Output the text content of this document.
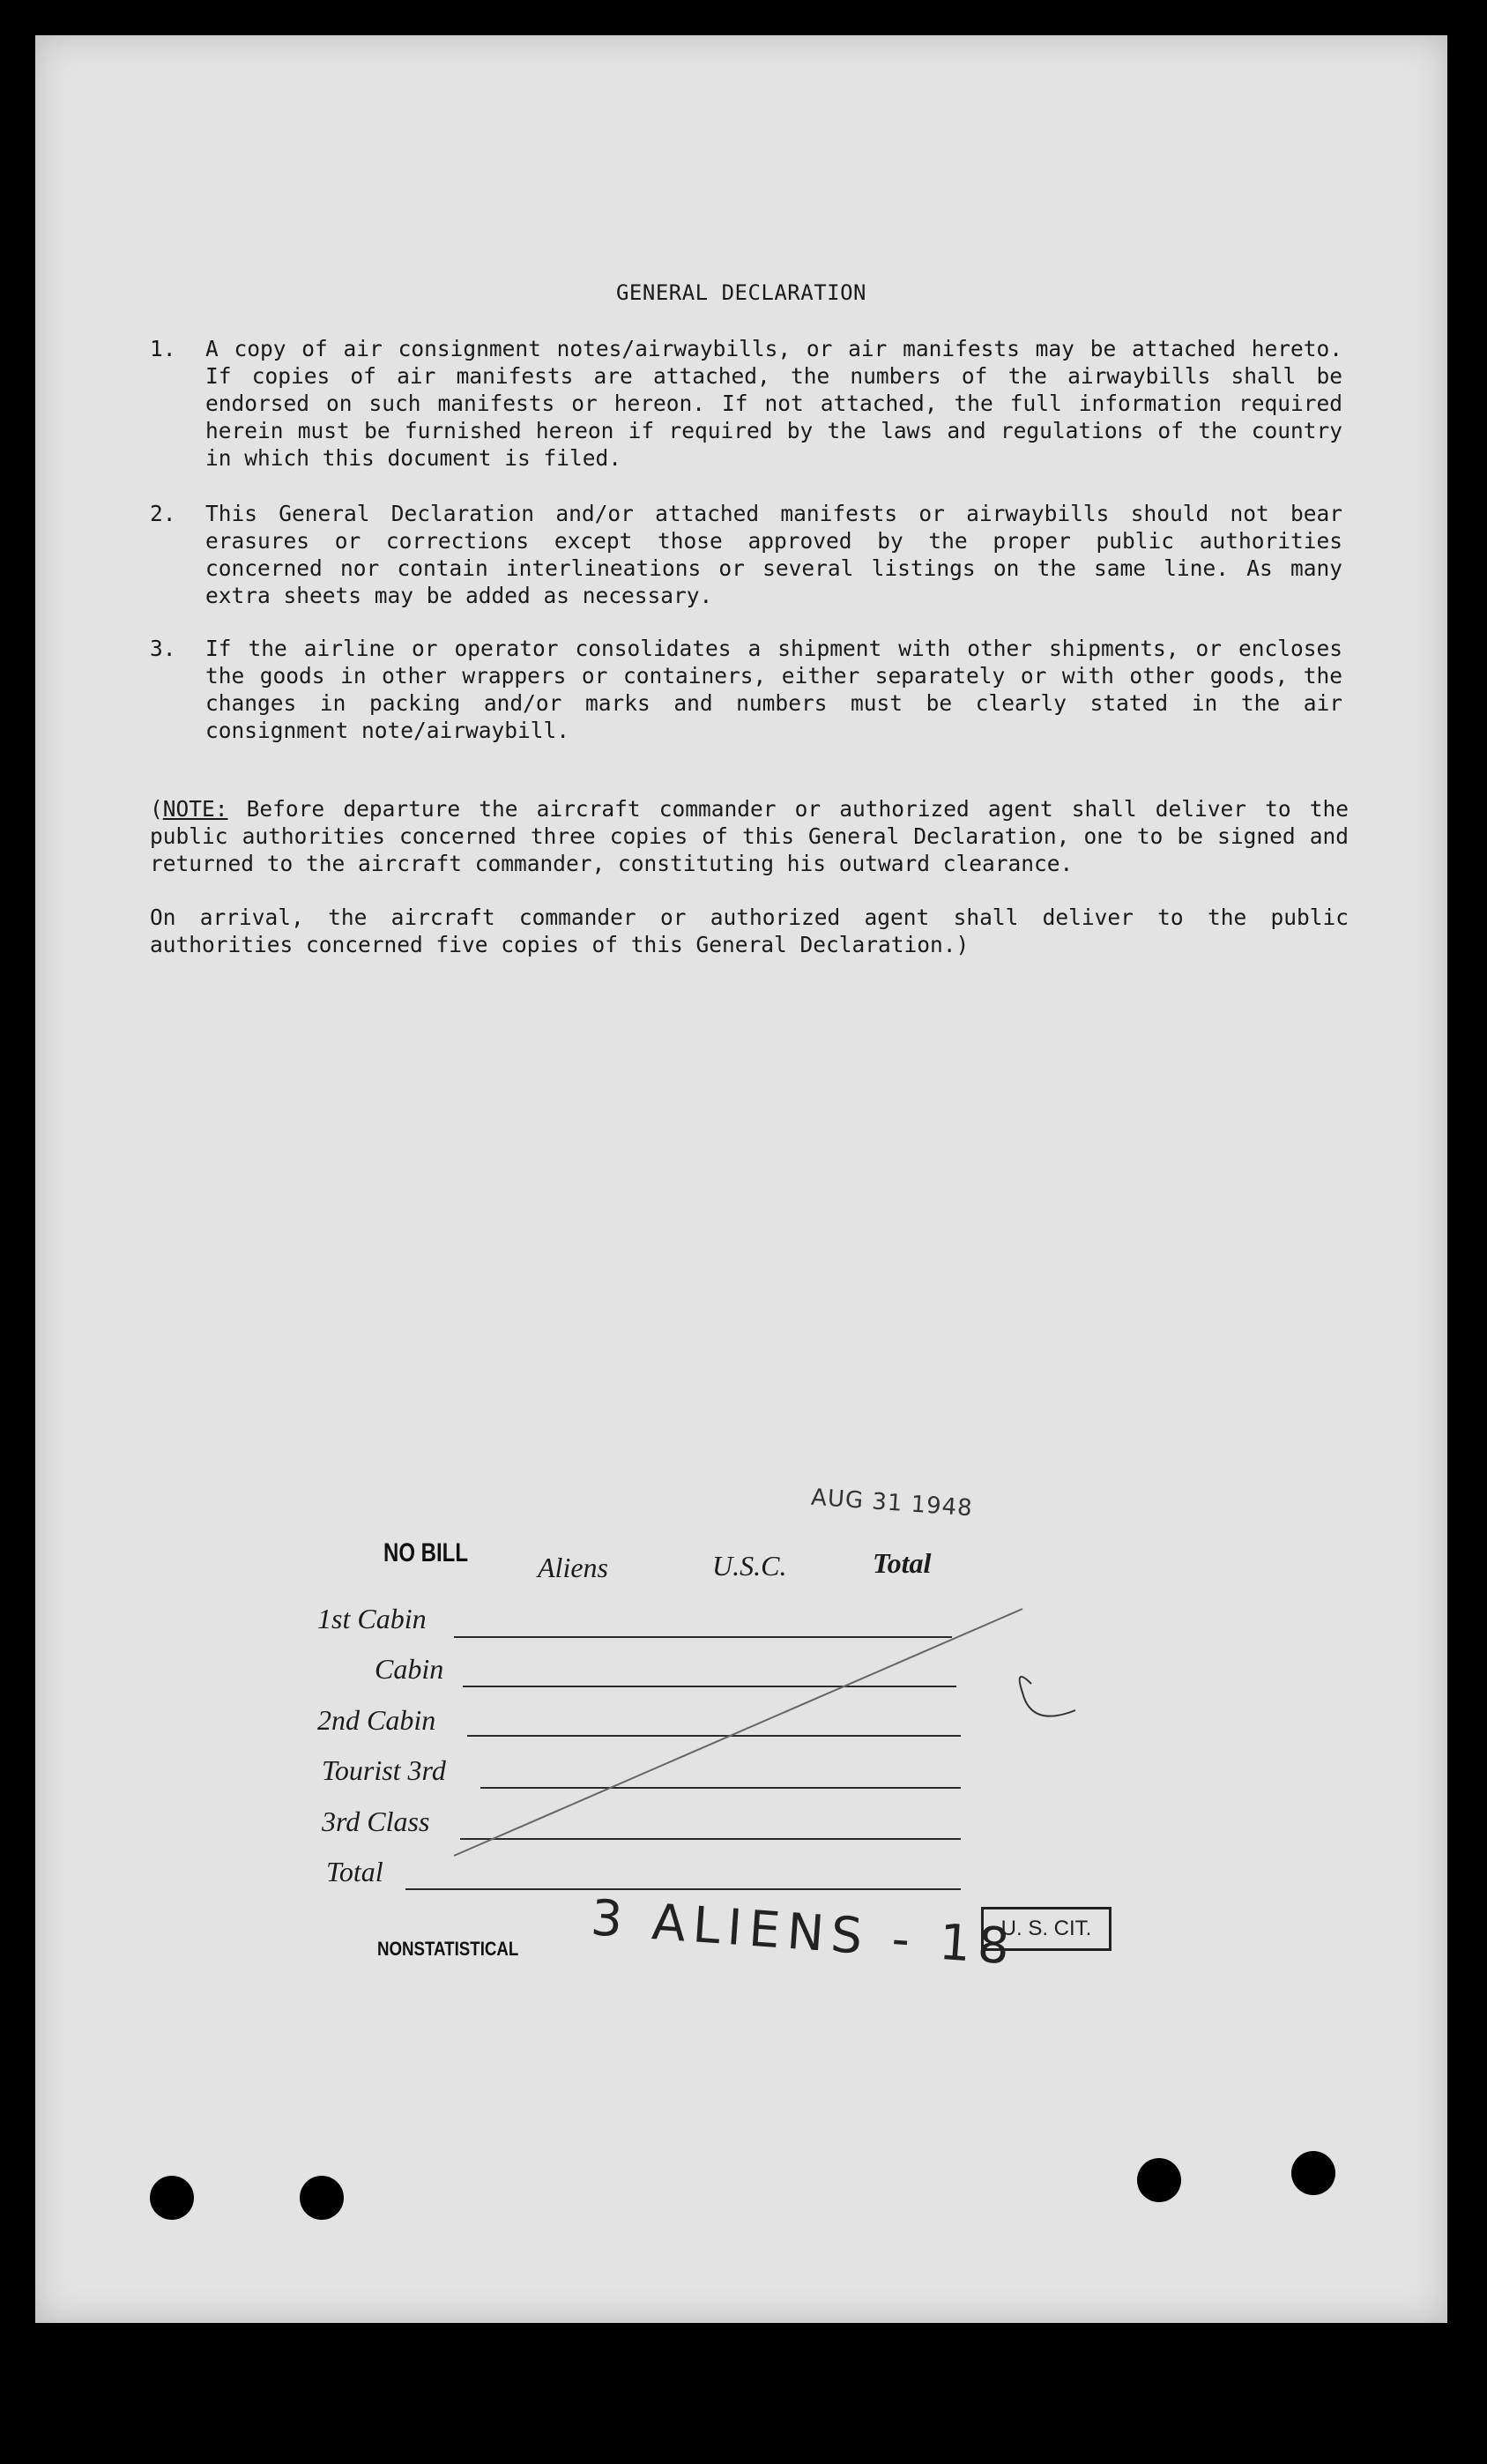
GENERAL DECLARATION
1. A copy of air consignment notes/airwaybills, or air manifests may be attached hereto. If copies of air manifests are attached, the numbers of the airwaybills shall be endorsed on such manifests or hereon. If not attached, the full information required herein must be furnished hereon if required by the laws and regulations of the country in which this document is filed.
2. This General Declaration and/or attached manifests or airwaybills should not bear erasures or corrections except those approved by the proper public authorities concerned nor contain interlineations or several listings on the same line. As many extra sheets may be added as necessary.
3. If the airline or operator consolidates a shipment with other shipments, or encloses the goods in other wrappers or containers, either separately or with other goods, the changes in packing and/or marks and numbers must be clearly stated in the air consignment note/airwaybill.
(NOTE: Before departure the aircraft commander or authorized agent shall deliver to the public authorities concerned three copies of this General Declaration, one to be signed and returned to the aircraft commander, constituting his outward clearance.
On arrival, the aircraft commander or authorized agent shall deliver to the public authorities concerned five copies of this General Declaration.)
AUG 31 1948
NO BILL Aliens	U.S.C.	Total
1st Cabin
Cabin
2nd Cabin
Tourist 3rd
3rd Class
Total
NONSTATISTICAL 3 ALIENS - 18
U. S. CIT.
